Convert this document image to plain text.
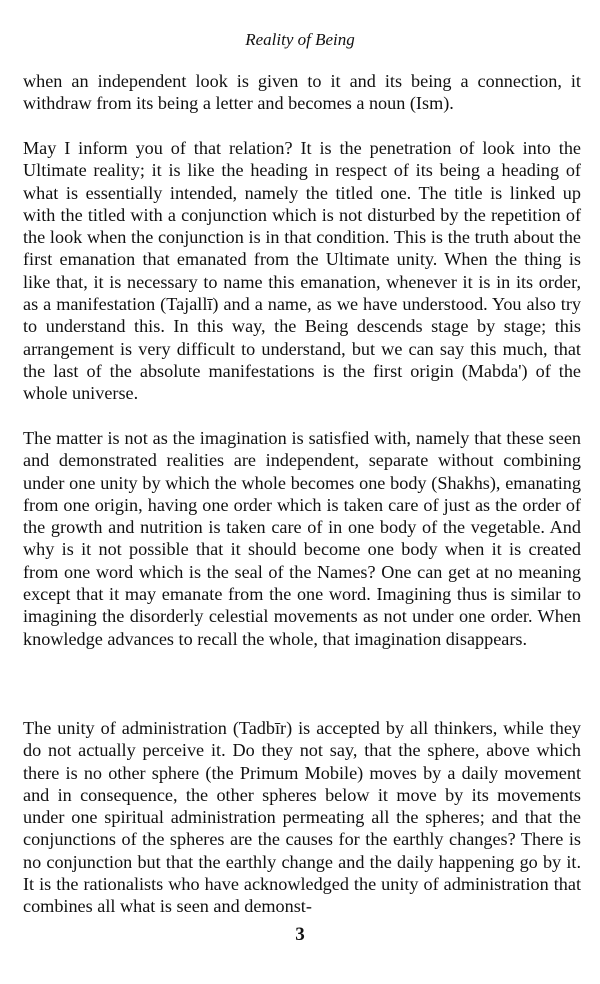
Reality of Being

when an independent look is given to it and its being a connection, it withdraw from its being a letter and becomes a noun (Ism).

May I inform you of that relation? It is the penetration of look into the Ultimate reality; it is like the heading in respect of its being a heading of what is essentially intended, namely the titled one. The title is linked up with the titled with a conjunction which is not disturbed by the repetition of the look when the conjunction is in that condition. This is the truth about the first emanation that emanated from the Ultimate unity. When the thing is like that, it is necessary to name this emanation, whenever it is in its order, as a manifestation (Tajallī) and a name, as we have understood. You also try to understand this. In this way, the Being descends stage by stage; this arrangement is very difficult to understand, but we can say this much, that the last of the absolute manifestations is the first origin (Mabda') of the whole universe.

The matter is not as the imagination is satisfied with, namely that these seen and demonstrated realities are independent, separate without combining under one unity by which the whole becomes one body (Shakhs), emanating from one origin, having one order which is taken care of just as the order of the growth and nutrition is taken care of in one body of the vegetable. And why is it not possible that it should become one body when it is created from one word which is the seal of the Names? One can get at no meaning except that it may emanate from the one word. Imagining thus is similar to imagining the disorderly celestial movements as not under one order. When knowledge advances to recall the whole, that imagination disappears.

The unity of administration (Tadbīr) is accepted by all thinkers, while they do not actually perceive it. Do they not say, that the sphere, above which there is no other sphere (the Primum Mobile) moves by a daily movement and in consequence, the other spheres below it move by its movements under one spiritual administration permeating all the spheres; and that the conjunctions of the spheres are the causes for the earthly changes? There is no conjunction but that the earthly change and the daily happening go by it. It is the rationalists who have acknowledged the unity of administration that combines all what is seen and demonst-

3
